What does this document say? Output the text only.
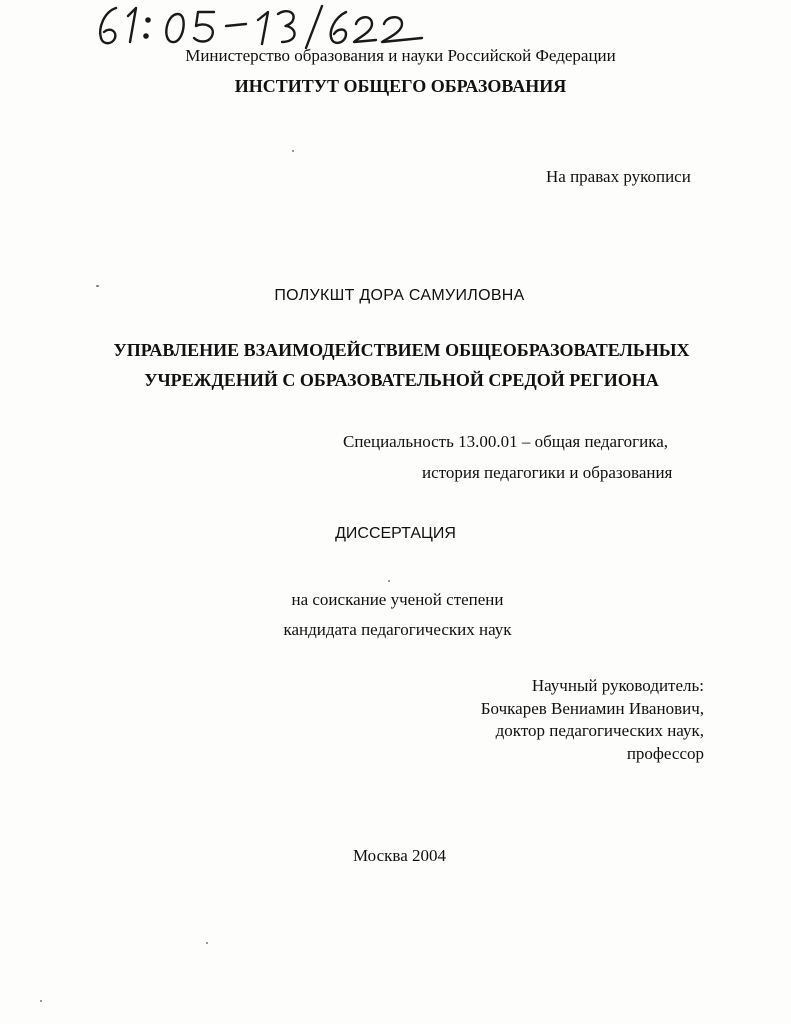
Министерство образования и науки Российской Федерации
ИНСТИТУТ ОБЩЕГО ОБРАЗОВАНИЯ
На правах рукописи
ПОЛУКШТ ДОРА САМУИЛОВНА
УПРАВЛЕНИЕ ВЗАИМОДЕЙСТВИЕМ ОБЩЕОБРАЗОВАТЕЛЬНЫХ
УЧРЕЖДЕНИЙ С ОБРАЗОВАТЕЛЬНОЙ СРЕДОЙ РЕГИОНА
Специальность 13.00.01 – общая педагогика,
история педагогики и образования
ДИССЕРТАЦИЯ
на соискание ученой степени
кандидата педагогических наук
Научный руководитель:
Бочкарев Вениамин Иванович,
доктор педагогических наук,
профессор
Москва 2004
